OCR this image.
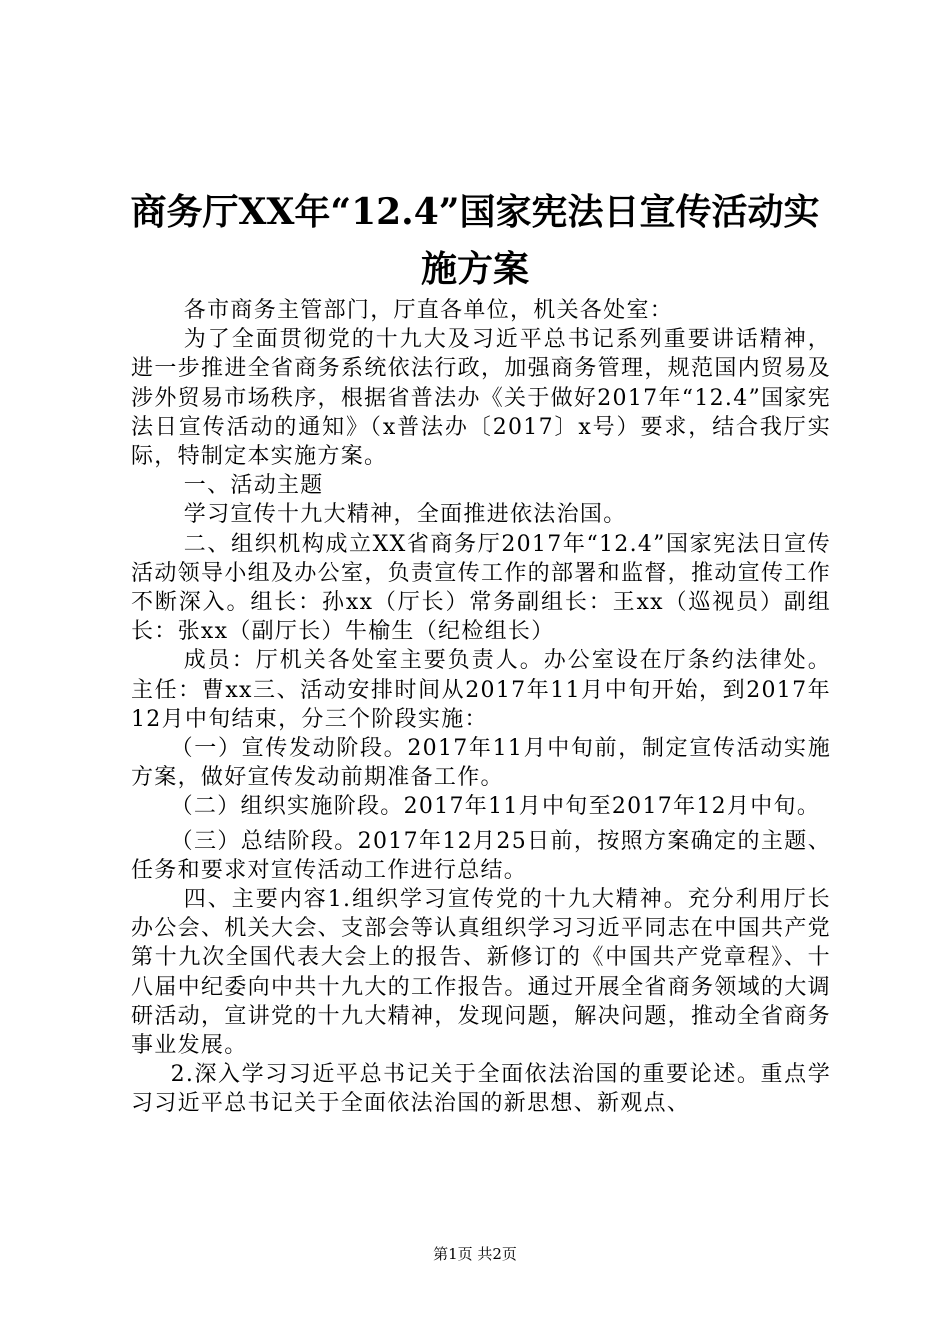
商务厅XX年“12.4”国家宪法日宣传活动实
施方案

各市商务主管部门，厅直各单位，机关各处室：

为了全面贯彻党的十九大及习近平总书记系列重要讲话精神，进一步推进全省商务系统依法行政，加强商务管理，规范国内贸易及涉外贸易市场秩序，根据省普法办《关于做好2017年“12.4”国家宪法日宣传活动的通知》（x普法办〔2017〕x号）要求，结合我厅实际，特制定本实施方案。

一、活动主题

学习宣传十九大精神，全面推进依法治国。

二、组织机构成立XX省商务厅2017年“12.4”国家宪法日宣传活动领导小组及办公室，负责宣传工作的部署和监督，推动宣传工作不断深入。组长：孙xx（厅长）常务副组长：王xx（巡视员）副组长：张xx（副厅长）牛榆生（纪检组长）

成员：厅机关各处室主要负责人。办公室设在厅条约法律处。主任：曹xx三、活动安排时间从2017年11月中旬开始，到2017年12月中旬结束，分三个阶段实施：

（一）宣传发动阶段。2017年11月中旬前，制定宣传活动实施方案，做好宣传发动前期准备工作。

（二）组织实施阶段。2017年11月中旬至2017年12月中旬。

（三）总结阶段。2017年12月25日前，按照方案确定的主题、任务和要求对宣传活动工作进行总结。

四、主要内容1.组织学习宣传党的十九大精神。充分利用厅长办公会、机关大会、支部会等认真组织学习习近平同志在中国共产党第十九次全国代表大会上的报告、新修订的《中国共产党章程》、十八届中纪委向中共十九大的工作报告。通过开展全省商务领域的大调研活动，宣讲党的十九大精神，发现问题，解决问题，推动全省商务事业发展。

2.深入学习习近平总书记关于全面依法治国的重要论述。重点学习习近平总书记关于全面依法治国的新思想、新观点、

第1页 共2页
